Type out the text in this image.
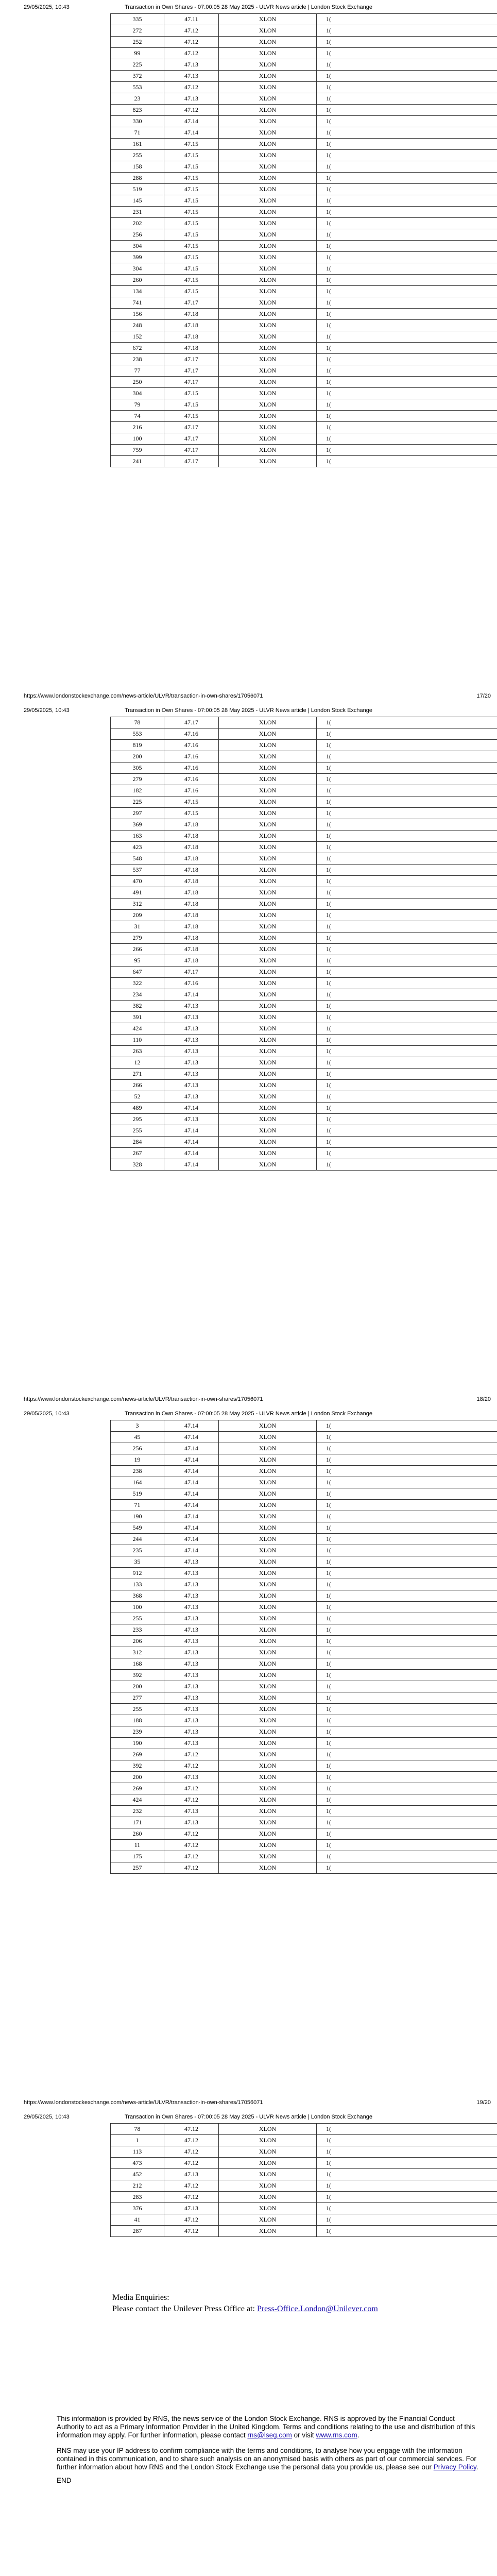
29/05/2025, 10:43	Transaction in Own Shares - 07:00:05 28 May 2025 - ULVR News article | London Stock Exchange
335	47.11	XLON	1(
272	47.12	XLON	1(
252	47.12	XLON	1(
99	47.12	XLON	1(
225	47.13	XLON	1(
372	47.13	XLON	1(
553	47.12	XLON	1(
23	47.13	XLON	1(
823	47.12	XLON	1(
330	47.14	XLON	1(
71	47.14	XLON	1(
161	47.15	XLON	1(
255	47.15	XLON	1(
158	47.15	XLON	1(
288	47.15	XLON	1(
519	47.15	XLON	1(
145	47.15	XLON	1(
231	47.15	XLON	1(
202	47.15	XLON	1(
256	47.15	XLON	1(
304	47.15	XLON	1(
399	47.15	XLON	1(
304	47.15	XLON	1(
260	47.15	XLON	1(
134	47.15	XLON	1(
741	47.17	XLON	1(
156	47.18	XLON	1(
248	47.18	XLON	1(
152	47.18	XLON	1(
672	47.18	XLON	1(
238	47.17	XLON	1(
77	47.17	XLON	1(
250	47.17	XLON	1(
304	47.15	XLON	1(
79	47.15	XLON	1(
74	47.15	XLON	1(
216	47.17	XLON	1(
100	47.17	XLON	1(
759	47.17	XLON	1(
241	47.17	XLON	1(
https://www.londonstockexchange.com/news-article/ULVR/transaction-in-own-shares/17056071	17/20
29/05/2025, 10:43	Transaction in Own Shares - 07:00:05 28 May 2025 - ULVR News article | London Stock Exchange
78	47.17	XLON	1(
553	47.16	XLON	1(
819	47.16	XLON	1(
200	47.16	XLON	1(
305	47.16	XLON	1(
279	47.16	XLON	1(
182	47.16	XLON	1(
225	47.15	XLON	1(
297	47.15	XLON	1(
369	47.18	XLON	1(
163	47.18	XLON	1(
423	47.18	XLON	1(
548	47.18	XLON	1(
537	47.18	XLON	1(
470	47.18	XLON	1(
491	47.18	XLON	1(
312	47.18	XLON	1(
209	47.18	XLON	1(
31	47.18	XLON	1(
279	47.18	XLON	1(
266	47.18	XLON	1(
95	47.18	XLON	1(
647	47.17	XLON	1(
322	47.16	XLON	1(
234	47.14	XLON	1(
382	47.13	XLON	1(
391	47.13	XLON	1(
424	47.13	XLON	1(
110	47.13	XLON	1(
263	47.13	XLON	1(
12	47.13	XLON	1(
271	47.13	XLON	1(
266	47.13	XLON	1(
52	47.13	XLON	1(
489	47.14	XLON	1(
295	47.13	XLON	1(
255	47.14	XLON	1(
284	47.14	XLON	1(
267	47.14	XLON	1(
328	47.14	XLON	1(
https://www.londonstockexchange.com/news-article/ULVR/transaction-in-own-shares/17056071	18/20
29/05/2025, 10:43	Transaction in Own Shares - 07:00:05 28 May 2025 - ULVR News article | London Stock Exchange
3	47.14	XLON	1(
45	47.14	XLON	1(
256	47.14	XLON	1(
19	47.14	XLON	1(
238	47.14	XLON	1(
164	47.14	XLON	1(
519	47.14	XLON	1(
71	47.14	XLON	1(
190	47.14	XLON	1(
549	47.14	XLON	1(
244	47.14	XLON	1(
235	47.14	XLON	1(
35	47.13	XLON	1(
912	47.13	XLON	1(
133	47.13	XLON	1(
368	47.13	XLON	1(
100	47.13	XLON	1(
255	47.13	XLON	1(
233	47.13	XLON	1(
206	47.13	XLON	1(
312	47.13	XLON	1(
168	47.13	XLON	1(
392	47.13	XLON	1(
200	47.13	XLON	1(
277	47.13	XLON	1(
255	47.13	XLON	1(
188	47.13	XLON	1(
239	47.13	XLON	1(
190	47.13	XLON	1(
269	47.12	XLON	1(
392	47.12	XLON	1(
200	47.13	XLON	1(
269	47.12	XLON	1(
424	47.12	XLON	1(
232	47.13	XLON	1(
171	47.13	XLON	1(
260	47.12	XLON	1(
11	47.12	XLON	1(
175	47.12	XLON	1(
257	47.12	XLON	1(
https://www.londonstockexchange.com/news-article/ULVR/transaction-in-own-shares/17056071	19/20
29/05/2025, 10:43	Transaction in Own Shares - 07:00:05 28 May 2025 - ULVR News article | London Stock Exchange
78	47.12	XLON	1(
1	47.12	XLON	1(
113	47.12	XLON	1(
473	47.12	XLON	1(
452	47.13	XLON	1(
212	47.12	XLON	1(
283	47.12	XLON	1(
376	47.13	XLON	1(
41	47.12	XLON	1(
287	47.12	XLON	1(
Media Enquiries:
Please contact the Unilever Press Office at: Press-Office.London@Unilever.com

This information is provided by RNS, the news service of the London Stock Exchange. RNS is approved by the Financial Conduct Authority to act as a Primary Information Provider in the United Kingdom. Terms and conditions relating to the use and distribution of this information may apply. For further information, please contact rns@lseg.com or visit www.rns.com.

RNS may use your IP address to confirm compliance with the terms and conditions, to analyse how you engage with the information contained in this communication, and to share such analysis on an anonymised basis with others as part of our commercial services. For further information about how RNS and the London Stock Exchange use the personal data you provide us, please see our Privacy Policy.

END
